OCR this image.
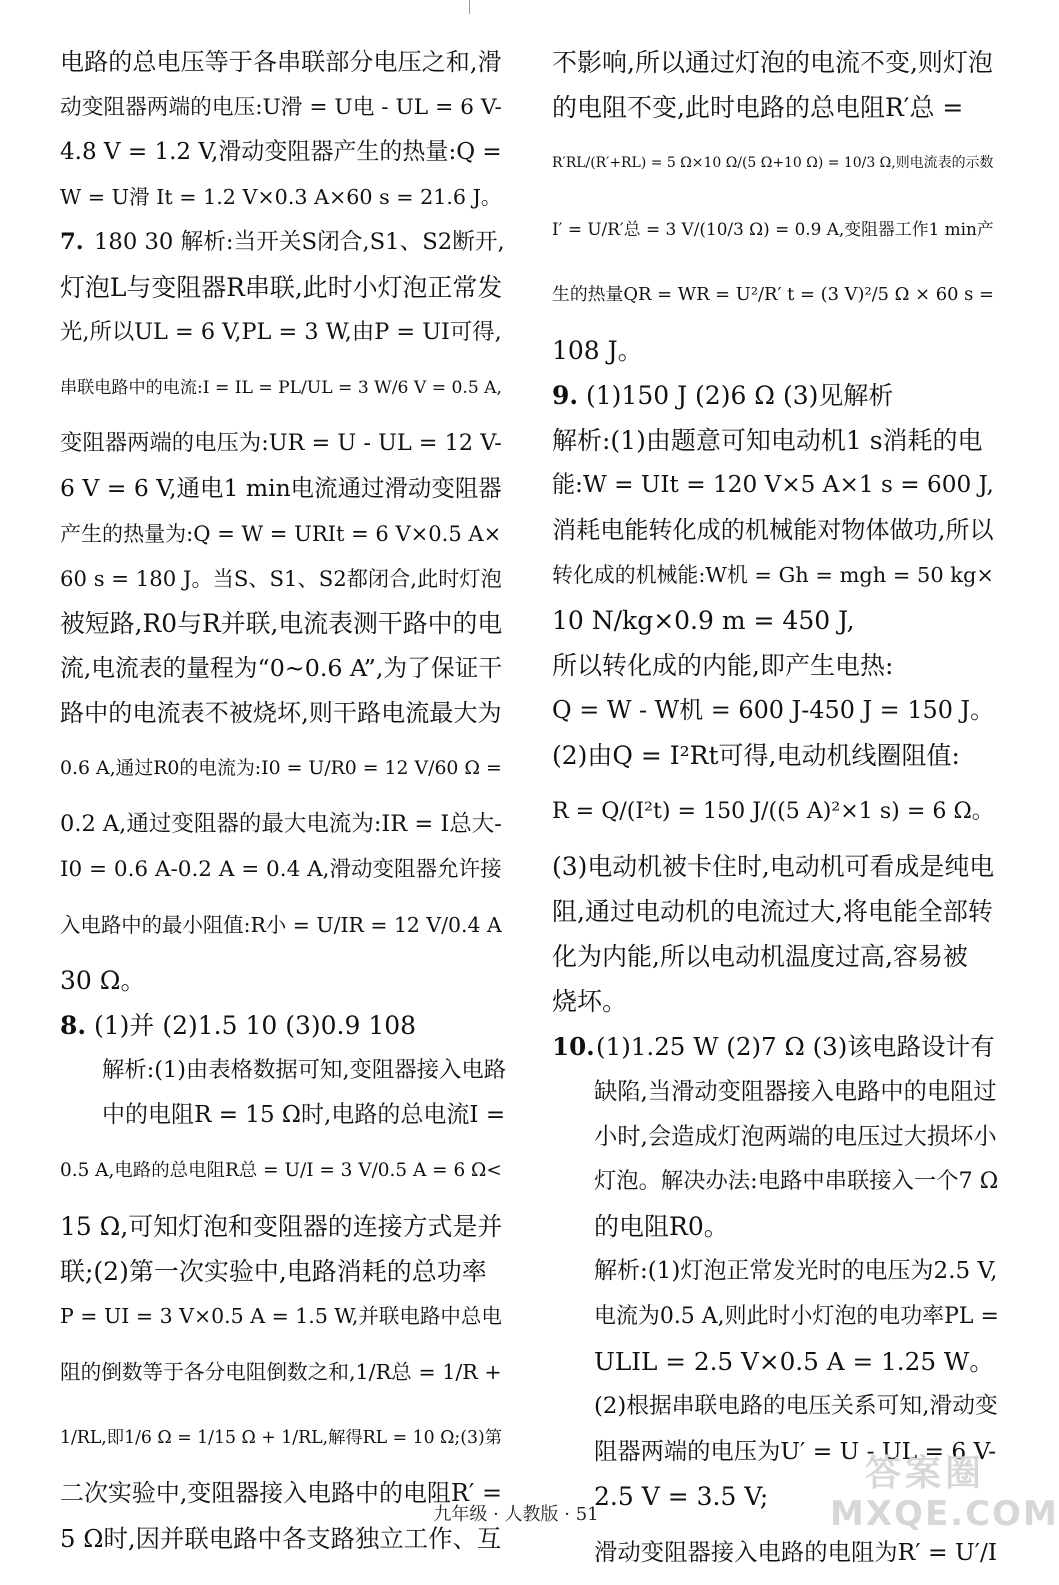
电路的总电压等于各串联部分电压之和,滑
动变阻器两端的电压:U滑 = U电 - UL = 6 V-
4.8 V = 1.2 V,滑动变阻器产生的热量:Q =
W = U滑 It = 1.2 V×0.3 A×60 s = 21.6 J。
7. 180 30 解析:当开关S闭合,S1、S2断开,
灯泡L与变阻器R串联,此时小灯泡正常发
光,所以UL = 6 V,PL = 3 W,由P = UI可得,
串联电路中的电流:I = IL = PL/UL = 3 W/6 V = 0.5 A,
变阻器两端的电压为:UR = U - UL = 12 V-
6 V = 6 V,通电1 min电流通过滑动变阻器
产生的热量为:Q = W = URIt = 6 V×0.5 A×
60 s = 180 J。当S、S1、S2都闭合,此时灯泡
被短路,R0与R并联,电流表测干路中的电
流,电流表的量程为“0~0.6 A”,为了保证干
路中的电流表不被烧坏,则干路电流最大为
0.6 A,通过R0的电流为:I0 = U/R0 = 12 V/60 Ω =
0.2 A,通过变阻器的最大电流为:IR = I总大-
I0 = 0.6 A-0.2 A = 0.4 A,滑动变阻器允许接
入电路中的最小阻值:R小 = U/IR = 12 V/0.4 A
30 Ω。
8. (1)并 (2)1.5 10 (3)0.9 108
解析:(1)由表格数据可知,变阻器接入电路
中的电阻R = 15 Ω时,电路的总电流I =
0.5 A,电路的总电阻R总 = U/I = 3 V/0.5 A = 6 Ω<
15 Ω,可知灯泡和变阻器的连接方式是并
联;(2)第一次实验中,电路消耗的总功率
P = UI = 3 V×0.5 A = 1.5 W,并联电路中总电
阻的倒数等于各分电阻倒数之和,1/R总 = 1/R +
1/RL,即1/6 Ω = 1/15 Ω + 1/RL,解得RL = 10 Ω;(3)第
二次实验中,变阻器接入电路中的电阻R′ =
5 Ω时,因并联电路中各支路独立工作、互
不影响,所以通过灯泡的电流不变,则灯泡
的电阻不变,此时电路的总电阻R′总 =
R′RL/(R′+RL) = 5 Ω×10 Ω/(5 Ω+10 Ω) = 10/3 Ω,则电流表的示数
I′ = U/R′总 = 3 V/(10/3 Ω) = 0.9 A,变阻器工作1 min产
生的热量QR = WR = U²/R′ t = (3 V)²/5 Ω × 60 s =
108 J。
9. (1)150 J (2)6 Ω (3)见解析
解析:(1)由题意可知电动机1 s消耗的电
能:W = UIt = 120 V×5 A×1 s = 600 J,
消耗电能转化成的机械能对物体做功,所以
转化成的机械能:W机 = Gh = mgh = 50 kg×
10 N/kg×0.9 m = 450 J,
所以转化成的内能,即产生电热:
Q = W - W机 = 600 J-450 J = 150 J。
(2)由Q = I²Rt可得,电动机线圈阻值:
R = Q/(I²t) = 150 J/((5 A)²×1 s) = 6 Ω。
(3)电动机被卡住时,电动机可看成是纯电
阻,通过电动机的电流过大,将电能全部转
化为内能,所以电动机温度过高,容易被
烧坏。
10. (1)1.25 W (2)7 Ω (3)该电路设计有
缺陷,当滑动变阻器接入电路中的电阻过
小时,会造成灯泡两端的电压过大损坏小
灯泡。解决办法:电路中串联接入一个7 Ω
的电阻R0。
解析:(1)灯泡正常发光时的电压为2.5 V,
电流为0.5 A,则此时小灯泡的电功率PL =
ULIL = 2.5 V×0.5 A = 1.25 W。
(2)根据串联电路的电压关系可知,滑动变
阻器两端的电压为U′ = U - UL = 6 V-
2.5 V = 3.5 V;
滑动变阻器接入电路的电阻为R′ = U′/I
九年级 · 人教版 · 51
答案圈
MXQE.COM
